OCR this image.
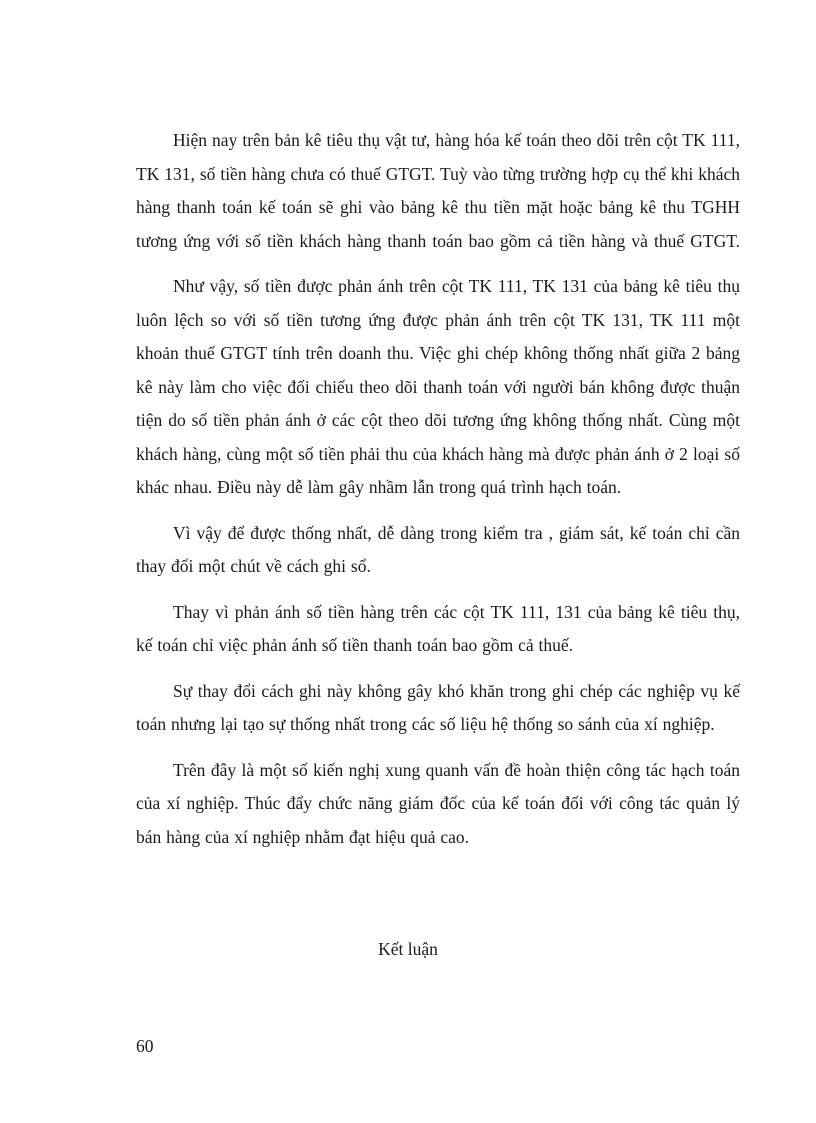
Hiện nay trên bản kê tiêu thụ vật tư, hàng hóa kế toán theo dõi trên cột TK 111, TK 131, số tiền hàng chưa có thuế GTGT. Tuỳ vào từng trường hợp cụ thể khi khách hàng thanh toán kế toán sẽ ghi vào bảng kê thu tiền mặt hoặc bảng kê thu TGHH tương ứng với số tiền khách hàng thanh toán bao gồm cả tiền hàng và thuế GTGT.

Như vậy, số tiền được phản ánh trên cột TK 111, TK 131 của bảng kê tiêu thụ luôn lệch so với số tiền tương ứng được phản ánh trên cột TK 131, TK 111 một khoản thuế GTGT tính trên doanh thu. Việc ghi chép không thống nhất giữa 2 bảng kê này làm cho việc đối chiếu theo dõi thanh toán với người bán không được thuận tiện do số tiền phản ánh ở các cột theo dõi tương ứng không thống nhất. Cùng một khách hàng, cùng một số tiền phải thu của khách hàng mà được phản ánh ở 2 loại số khác nhau. Điều này dễ làm gây nhầm lẫn trong quá trình hạch toán.

Vì vậy để được thống nhất, dễ dàng trong kiểm tra , giám sát, kế toán chỉ cần thay đổi một chút về cách ghi sổ.

Thay vì phản ánh số tiền hàng trên các cột TK 111, 131 của bảng kê tiêu thụ, kế toán chỉ việc phản ánh số tiền thanh toán bao gồm cả thuế.

Sự thay đổi cách ghi này không gây khó khăn trong ghi chép các nghiệp vụ kế toán nhưng lại tạo sự thống nhất trong các số liệu hệ thống so sánh của xí nghiệp.

Trên đây là một số kiến nghị xung quanh vấn đề hoàn thiện công tác hạch toán của xí nghiệp. Thúc đẩy chức năng giám đốc của kế toán đối với công tác quản lý bán hàng của xí nghiệp nhằm đạt hiệu quả cao.

Kết luận

60
